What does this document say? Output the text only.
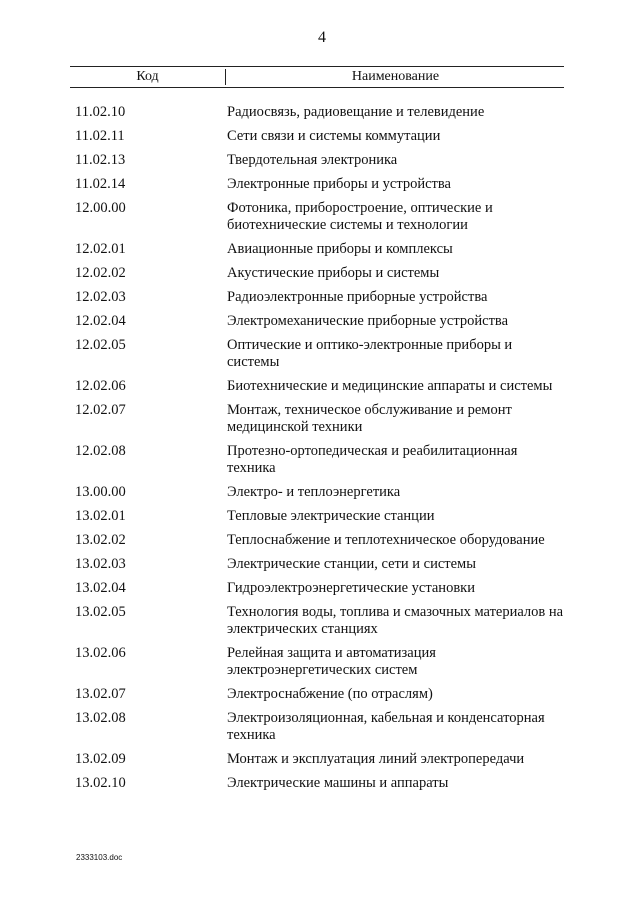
4
Код	Наименование
11.02.10	Радиосвязь, радиовещание и телевидение
11.02.11	Сети связи и системы коммутации
11.02.13	Твердотельная электроника
11.02.14	Электронные приборы и устройства
12.00.00	Фотоника, приборостроение, оптические и биотехнические системы и технологии
12.02.01	Авиационные приборы и комплексы
12.02.02	Акустические приборы и системы
12.02.03	Радиоэлектронные приборные устройства
12.02.04	Электромеханические приборные устройства
12.02.05	Оптические и оптико-электронные приборы и системы
12.02.06	Биотехнические и медицинские аппараты и системы
12.02.07	Монтаж, техническое обслуживание и ремонт медицинской техники
12.02.08	Протезно-ортопедическая и реабилитационная техника
13.00.00	Электро- и теплоэнергетика
13.02.01	Тепловые электрические станции
13.02.02	Теплоснабжение и теплотехническое оборудование
13.02.03	Электрические станции, сети и системы
13.02.04	Гидроэлектроэнергетические установки
13.02.05	Технология воды, топлива и смазочных материалов на электрических станциях
13.02.06	Релейная защита и автоматизация электроэнергетических систем
13.02.07	Электроснабжение (по отраслям)
13.02.08	Электроизоляционная, кабельная и конденсаторная техника
13.02.09	Монтаж и эксплуатация линий электропередачи
13.02.10	Электрические машины и аппараты
2333103.doc
